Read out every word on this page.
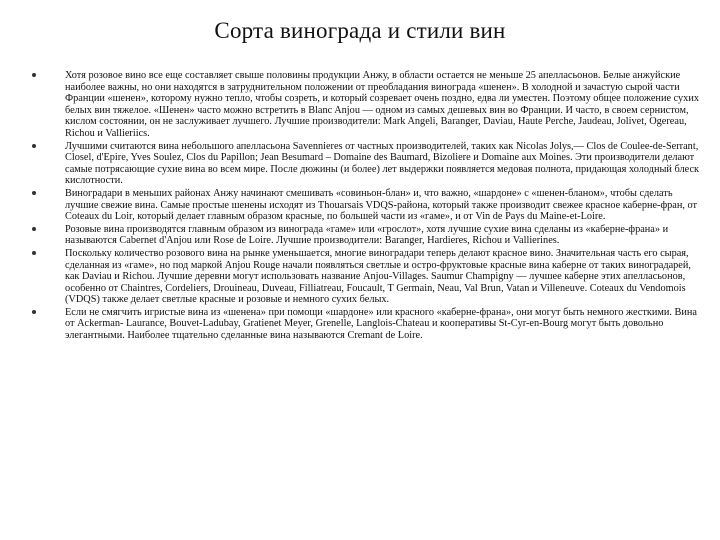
Сорта винограда и стили вин
Хотя розовое вино все еще составляет свыше половины продукции Анжу, в области остается не меньше 25 апелласьонов. Белые анжуйские наиболее важны, но они находятся в затруднительном положении от преобладания винограда «шенен». В холодной и зачастую сырой части Франции «шенен», которому нужно тепло, чтобы созреть, и который созревает очень поздно, едва ли уместен. Поэтому общее положение сухих белых вин тяжелое. «Шенен» часто можно встретить в Blanc Anjou — одном из самых дешевых вин во Франции. И часто, в своем сернистом, кислом состоянии, он не заслуживает лучшего. Лучшие производители: Mark Angeli, Baranger, Daviau, Haute Perche, Jaudeau, Jolivet, Ogereau, Richou и Vallieriics.
Лучшими считаются вина небольшого апелласьона Savennieres от частных производителей, таких как Nicolas Jolys,— Clos de Coulee-de-Serrant, Closel, d'Epire, Yves Soulez, Clos du Papillon; Jean Besumard – Domaine des Baumard, Bizoliere и Domaine aux Moines. Эти производители делают самые потрясающие сухие вина во всем мире. После дюжины (и более) лет выдержки появляется медовая полнота, придающая холодный блеск кислотности.
Виноградари в меньших районах Анжу начинают смешивать «совиньон-блан» и, что важно, «шардоне» с «шенен-бланом», чтобы сделать лучшие свежие вина. Самые простые шенены исходят из Thouarsais VDQS-района, который также производит свежее красное каберне-фран, от Coteaux du Loir, который делает главным образом красные, по большей части из «гаме», и от Vin de Pays du Maine-et-Loire.
Розовые вина производятся главным образом из винограда «гаме» или «гроcлот», хотя лучшие сухие вина сделаны из «каберне-франа» и называются Cabernet d'Anjou или Rose de Loire. Лучшие производители: Baranger, Hardieres, Richou и Vallierines.
Поскольку количество розового вина на рынке уменьшается, многие виноградари теперь делают красное вино. Значительная часть его сырая, сделанная из «гаме», но под маркой Anjou Rouge начали появляться светлые и остро-фруктовые красные вина каберне от таких виноградарей, как Daviau и Richou. Лучшие деревни могут использовать название Anjou-Villages. Saumur Champigny — лучшее каберне этих апелласьонов, особенно от Chaintres, Cordeliers, Drouineau, Duveau, Filliatreau, Foucault, T Germain, Neau, Val Brun, Vatan и Villeneuve. Coteaux du Vendomois (VDQS) также делает светлые красные и розовые и немного сухих белых.
Если не смягчить игристые вина из «шенена» при помощи «шардоне» или красного «каберне-франа», они могут быть немного жесткими. Вина от Ackerman- Laurance, Bouvet-Ladubay, Gratienet Meyer, Grenelle, Langlois-Chateau и кооперативы St-Cyr-en-Bourg могут быть довольно элегантными. Наиболее тщательно сделанные вина называются Cremant de Loire.
